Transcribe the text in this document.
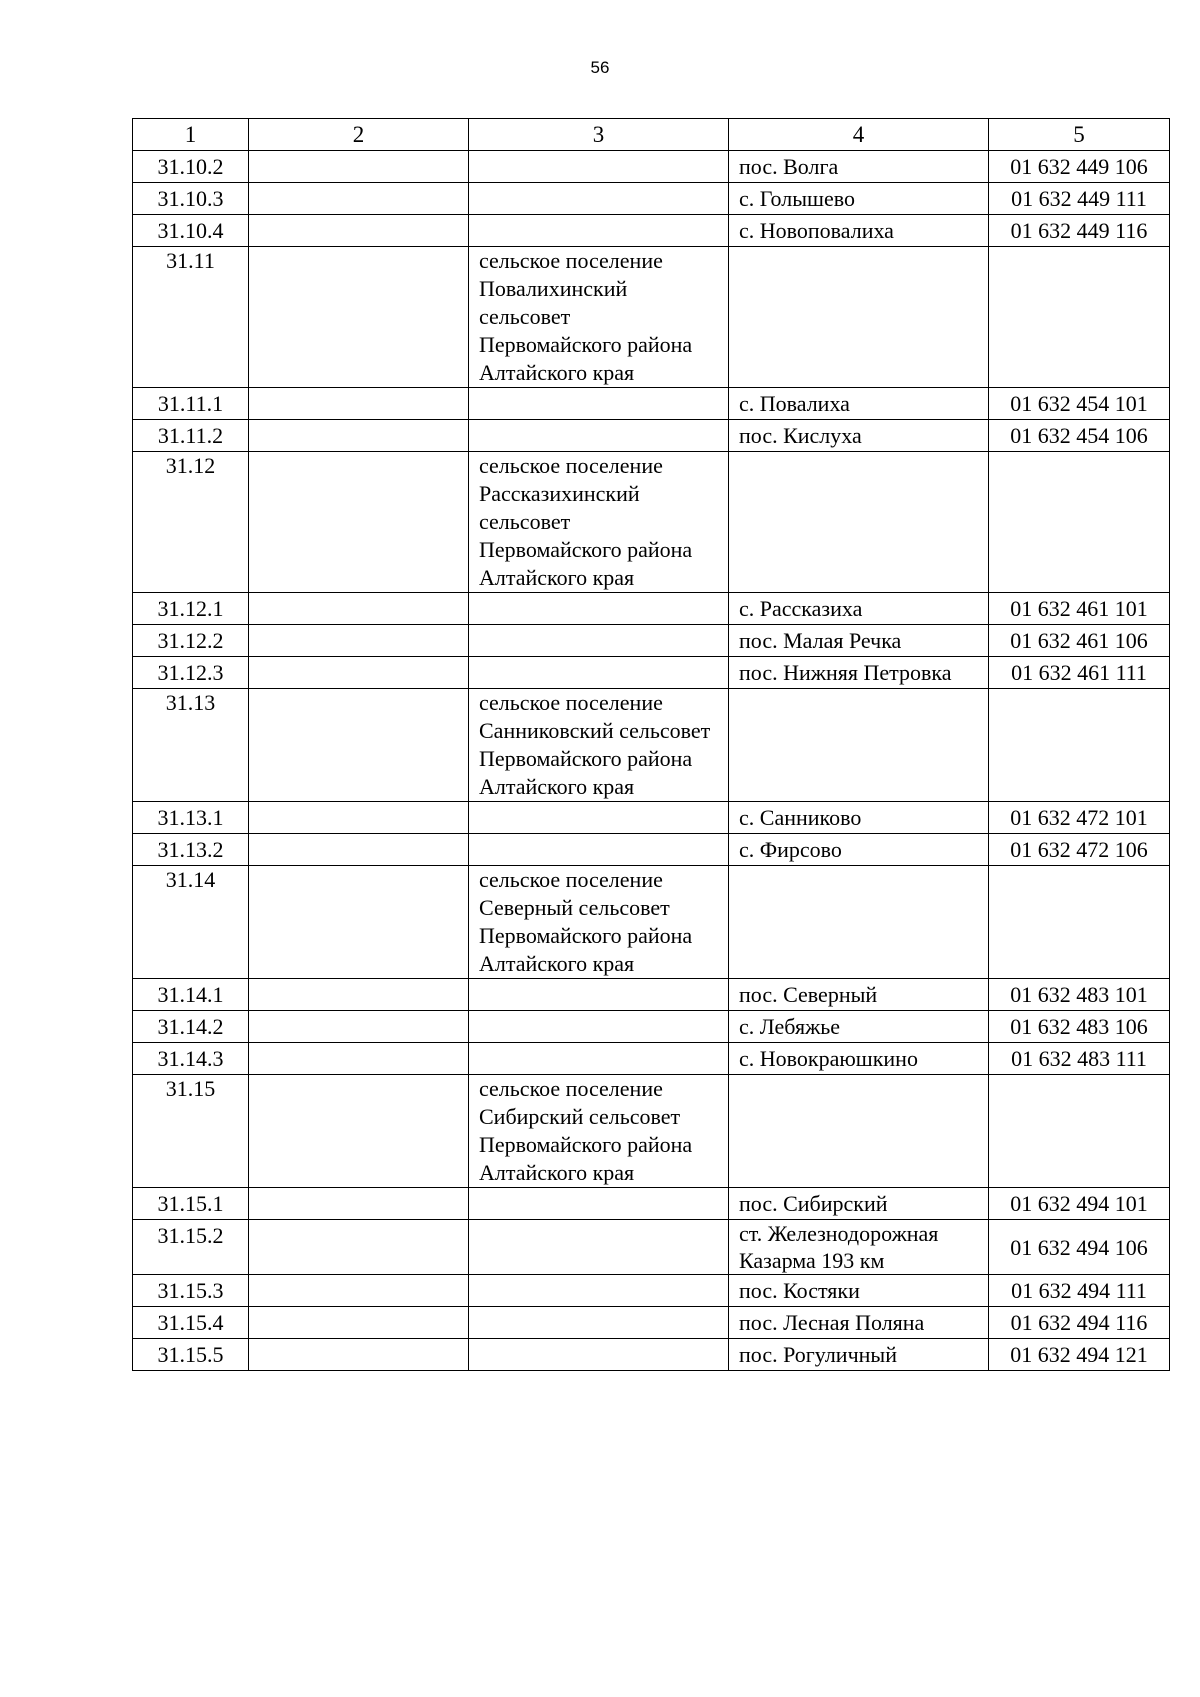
56
1	2	3	4	5
31.10.2			пос. Волга	01 632 449 106
31.10.3			с. Голышево	01 632 449 111
31.10.4			с. Новоповалиха	01 632 449 116
31.11		сельское поселение Повалихинский сельсовет Первомайского района Алтайского края		
31.11.1			с. Повалиха	01 632 454 101
31.11.2			пос. Кислуха	01 632 454 106
31.12		сельское поселение Рассказихинский сельсовет Первомайского района Алтайского края		
31.12.1			с. Рассказиха	01 632 461 101
31.12.2			пос. Малая Речка	01 632 461 106
31.12.3			пос. Нижняя Петровка	01 632 461 111
31.13		сельское поселение Санниковский сельсовет Первомайского района Алтайского края		
31.13.1			с. Санниково	01 632 472 101
31.13.2			с. Фирсово	01 632 472 106
31.14		сельское поселение Северный сельсовет Первомайского района Алтайского края		
31.14.1			пос. Северный	01 632 483 101
31.14.2			с. Лебяжье	01 632 483 106
31.14.3			с. Новокраюшкино	01 632 483 111
31.15		сельское поселение Сибирский сельсовет Первомайского района Алтайского края		
31.15.1			пос. Сибирский	01 632 494 101
31.15.2			ст. Железнодорожная Казарма 193 км	01 632 494 106
31.15.3			пос. Костяки	01 632 494 111
31.15.4			пос. Лесная Поляна	01 632 494 116
31.15.5			пос. Рогуличный	01 632 494 121
